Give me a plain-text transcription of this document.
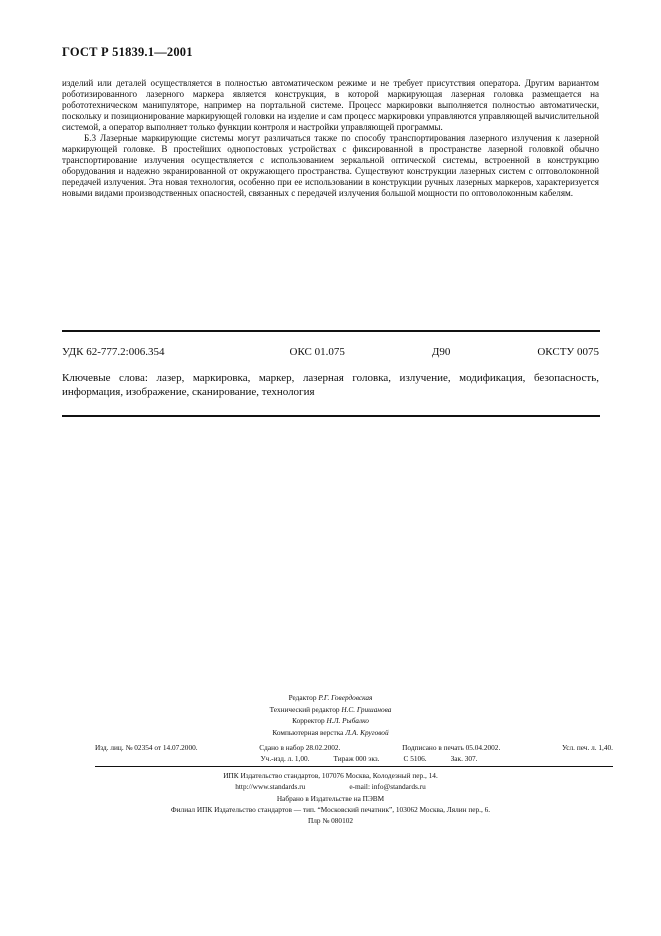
ГОСТ Р 51839.1—2001

изделий или деталей осуществляется в полностью автоматическом режиме и не требует присутствия оператора. Другим вариантом роботизированного лазерного маркера является конструкция, в которой маркирующая лазерная головка размещается на робототехническом манипуляторе, например на портальной системе. Процесс маркировки выполняется полностью автоматически, поскольку и позиционирование маркирующей головки на изделие и сам процесс маркировки управляются управляющей вычислительной системой, а оператор выполняет только функции контроля и настройки управляющей программы.

Б.3 Лазерные маркирующие системы могут различаться также по способу транспортирования лазерного излучения к лазерной маркирующей головке. В простейших однопостовых устройствах с фиксированной в пространстве лазерной головкой обычно транспортирование излучения осуществляется с использованием зеркальной оптической системы, встроенной в конструкцию оборудования и надежно экранированной от окружающего пространства. Существуют конструкции лазерных систем с оптоволоконной передачей излучения. Эта новая технология, особенно при ее использовании в конструкции ручных лазерных маркеров, характеризуется новыми видами производственных опасностей, связанных с передачей излучения большой мощности по оптоволоконным кабелям.

УДК 62-777.2:006.354	ОКС 01.075	Д90	ОКСТУ 0075
Ключевые слова: лазер, маркировка, маркер, лазерная головка, излучение, модификация, безопасность, информация, изображение, сканирование, технология
Редактор Р.Г. Говердовская
Технический редактор Н.С. Гришанова
Корректор Н.Л. Рыбалко
Компьютерная верстка Л.А. Круговой
Изд. лиц. № 02354 от 14.07.2000.	Сдано в набор 28.02.2002.	Подписано в печать 05.04.2002.	Усл. печ. л. 1,40.
Уч.-изд. л. 1,00.	Тираж 000 экз.	С 5106.	Зак. 307.
ИПК Издательство стандартов, 107076 Москва, Колодезный пер., 14.
http://www.standards.ru	e-mail: info@standards.ru
Набрано в Издательстве на ПЭВМ
Филиал ИПК Издательство стандартов — тип. “Московский печатник”, 103062 Москва, Лялин пер., 6.
Плр № 080102
